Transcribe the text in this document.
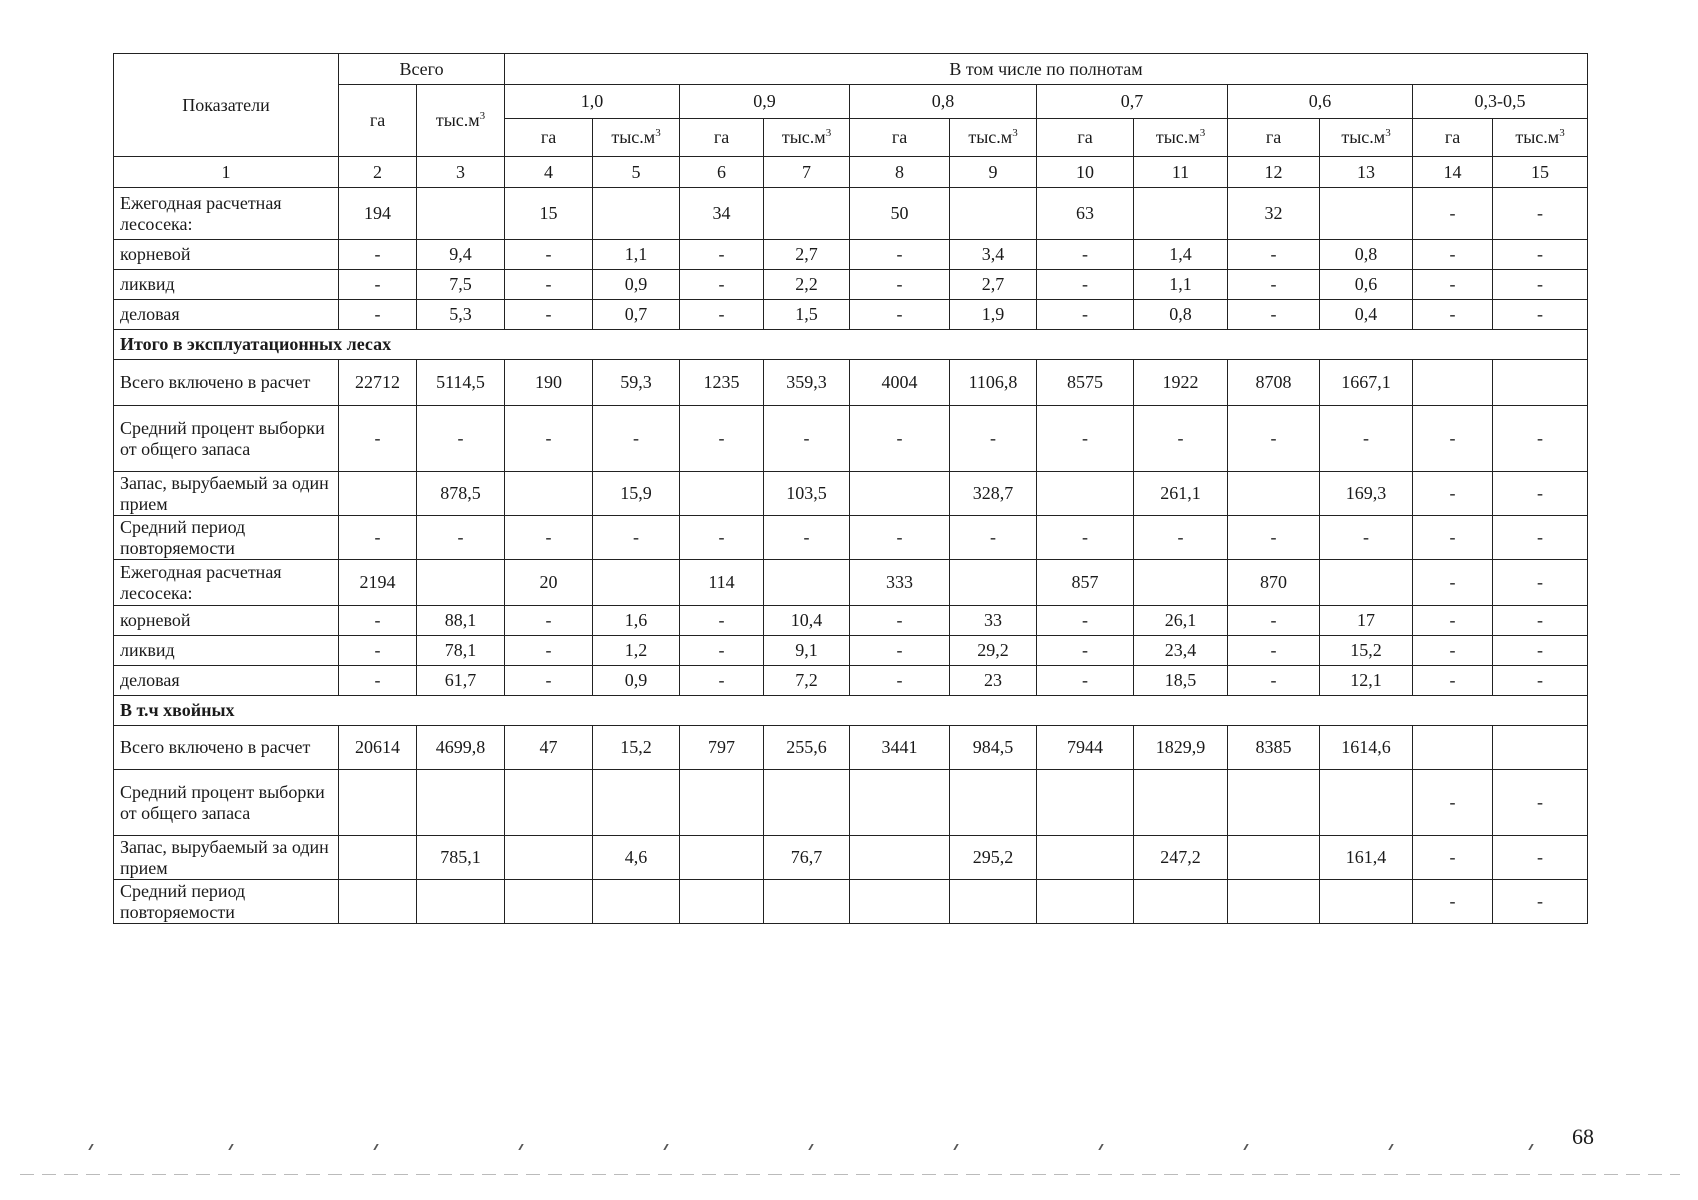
Показатели	Всего		В том числе по полнотам											
	га	$тыс.м^3$	1,0		0,9		0,8		0,7		0,6		0,3-0,5	
			га	$тыс.м^3$	га	$тыс.м^3$	га	$тыс.м^3$	га	$тыс.м^3$	га	$тыс.м^3$	га	$тыс.м^3$
1	2	3	4	5	6	7	8	9	10	11	12	13	14	15
Ежегодная расчетная лесосека:	194		15		34		50		63		32		-	-
корневой	-	9,4	-	1,1	-	2,7	-	3,4	-	1,4	-	0,8	-	-
ликвид	-	7,5	-	0,9	-	2,2	-	2,7	-	1,1	-	0,6	-	-
деловая	-	5,3	-	0,7	-	1,5	-	1,9	-	0,8	-	0,4	-	-
Итого в эксплуатационных лесах														
Всего включено в расчет	22712	5114,5	190	59,3	1235	359,3	4004	1106,8	8575	1922	8708	1667,1		
Средний процент выборки от общего запаса	-	-	-	-	-	-	-	-	-	-	-	-	-	-
Запас, вырубаемый за один прием		878,5		15,9		103,5		328,7		261,1		169,3	-	-
Средний период повторяемости	-	-	-	-	-	-	-	-	-	-	-	-	-	-
Ежегодная расчетная лесосека:	2194		20		114		333		857		870		-	-
корневой	-	88,1	-	1,6	-	10,4	-	33	-	26,1	-	17	-	-
ликвид	-	78,1	-	1,2	-	9,1	-	29,2	-	23,4	-	15,2	-	-
деловая	-	61,7	-	0,9	-	7,2	-	23	-	18,5	-	12,1	-	-
В т.ч хвойных														
Всего включено в расчет	20614	4699,8	47	15,2	797	255,6	3441	984,5	7944	1829,9	8385	1614,6		
Средний процент выборки от общего запаса													-	-
Запас, вырубаемый за один прием		785,1		4,6		76,7		295,2		247,2		161,4	-	-
Средний период повторяемости													-	-
68
